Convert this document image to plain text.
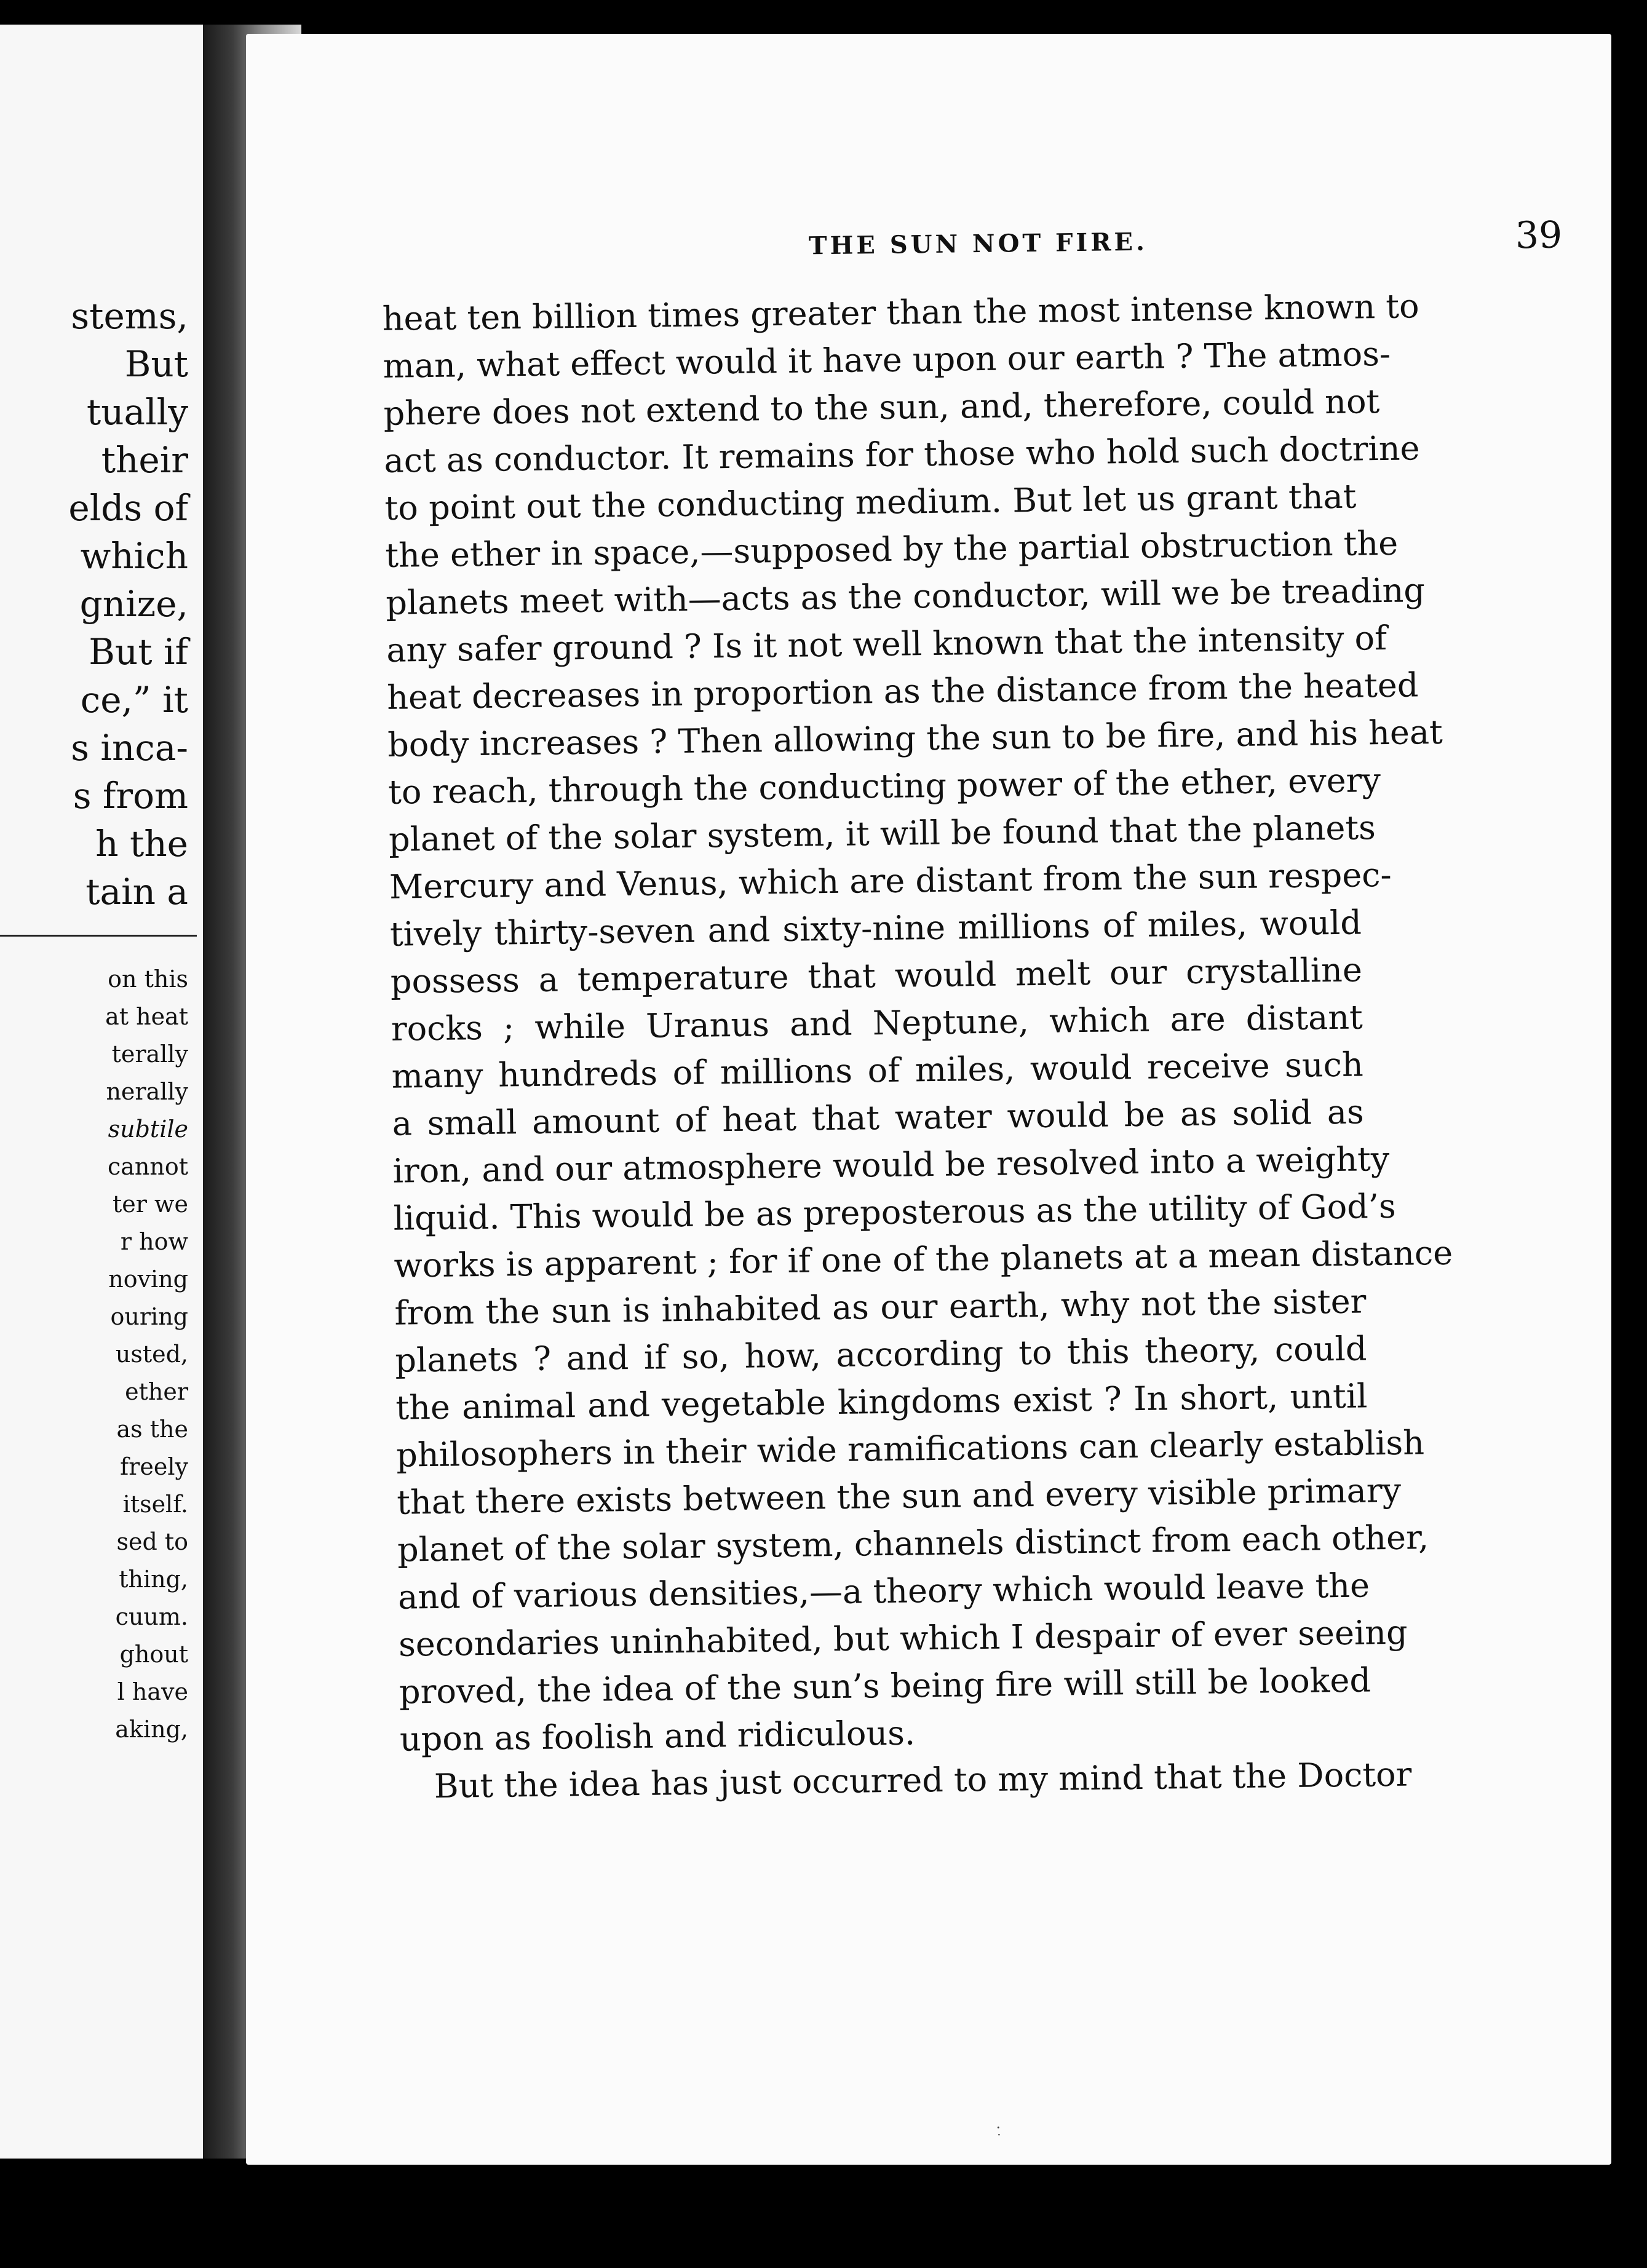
stems,
But
tually
their
elds of
which
gnize,
But if
ce,” it
s inca-
s from
h the
tain a
on this
at heat
terally
nerally
subtile
cannot
ter we
r how
noving
ouring
usted,
ether
as the
freely
itself.
sed to
thing,
cuum.
ghout
l have
aking,
THE SUN NOT FIRE.	39
heat ten billion times greater than the most intense known to
man, what effect would it have upon our earth ? The atmos-
phere does not extend to the sun, and, therefore, could not
act as conductor. It remains for those who hold such doctrine
to point out the conducting medium. But let us grant that
the ether in space,—supposed by the partial obstruction the
planets meet with—acts as the conductor, will we be treading
any safer ground ? Is it not well known that the intensity of
heat decreases in proportion as the distance from the heated
body increases ? Then allowing the sun to be fire, and his heat
to reach, through the conducting power of the ether, every
planet of the solar system, it will be found that the planets
Mercury and Venus, which are distant from the sun respec-
tively thirty-seven and sixty-nine millions of miles, would
possess a temperature that would melt our crystalline
rocks ; while Uranus and Neptune, which are distant
many hundreds of millions of miles, would receive such
a small amount of heat that water would be as solid as
iron, and our atmosphere would be resolved into a weighty
liquid. This would be as preposterous as the utility of God’s
works is apparent ; for if one of the planets at a mean distance
from the sun is inhabited as our earth, why not the sister
planets ? and if so, how, according to this theory, could
the animal and vegetable kingdoms exist ? In short, until
philosophers in their wide ramifications can clearly establish
that there exists between the sun and every visible primary
planet of the solar system, channels distinct from each other,
and of various densities,—a theory which would leave the
secondaries uninhabited, but which I despair of ever seeing
proved, the idea of the sun’s being fire will still be looked
upon as foolish and ridiculous.
But the idea has just occurred to my mind that the Doctor
·ٜ
